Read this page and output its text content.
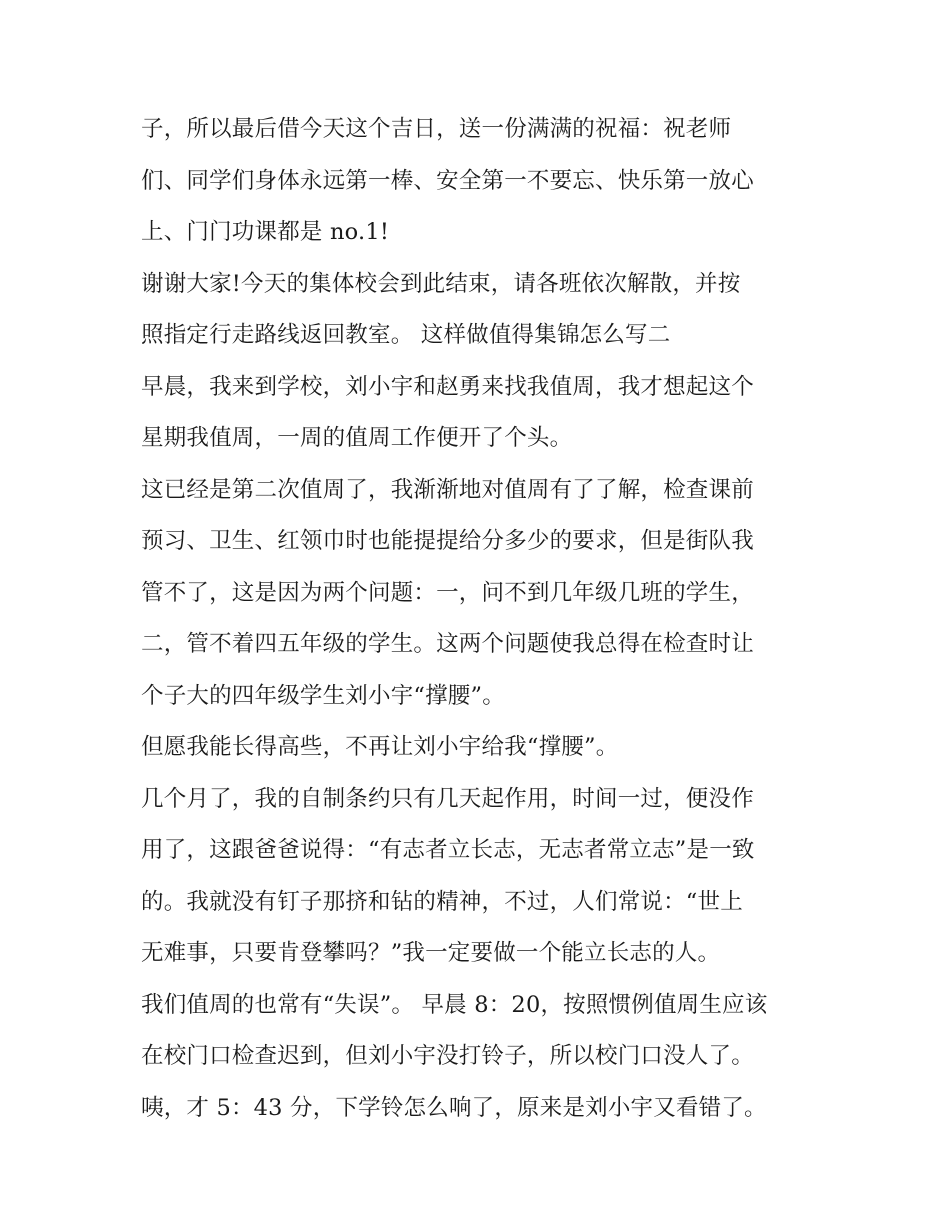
子，所以最后借今天这个吉日，送一份满满的祝福：祝老师
们、同学们身体永远第一棒、安全第一不要忘、快乐第一放心
上、门门功课都是 no.1!
谢谢大家!今天的集体校会到此结束，请各班依次解散，并按
照指定行走路线返回教室。 这样做值得集锦怎么写二
早晨，我来到学校，刘小宇和赵勇来找我值周，我才想起这个
星期我值周，一周的值周工作便开了个头。
这已经是第二次值周了，我渐渐地对值周有了了解，检查课前
预习、卫生、红领巾时也能提提给分多少的要求，但是街队我
管不了，这是因为两个问题：一，问不到几年级几班的学生，
二，管不着四五年级的学生。这两个问题使我总得在检查时让
个子大的四年级学生刘小宇“撑腰”。
但愿我能长得高些，不再让刘小宇给我“撑腰”。
几个月了，我的自制条约只有几天起作用，时间一过，便没作
用了，这跟爸爸说得：“有志者立长志，无志者常立志”是一致
的。我就没有钉子那挤和钻的精神，不过，人们常说：“世上
无难事，只要肯登攀吗？”我一定要做一个能立长志的人。
我们值周的也常有“失误”。 早晨 8：20，按照惯例值周生应该
在校门口检查迟到，但刘小宇没打铃子，所以校门口没人了。
咦，才 5：43 分，下学铃怎么响了，原来是刘小宇又看错了。
